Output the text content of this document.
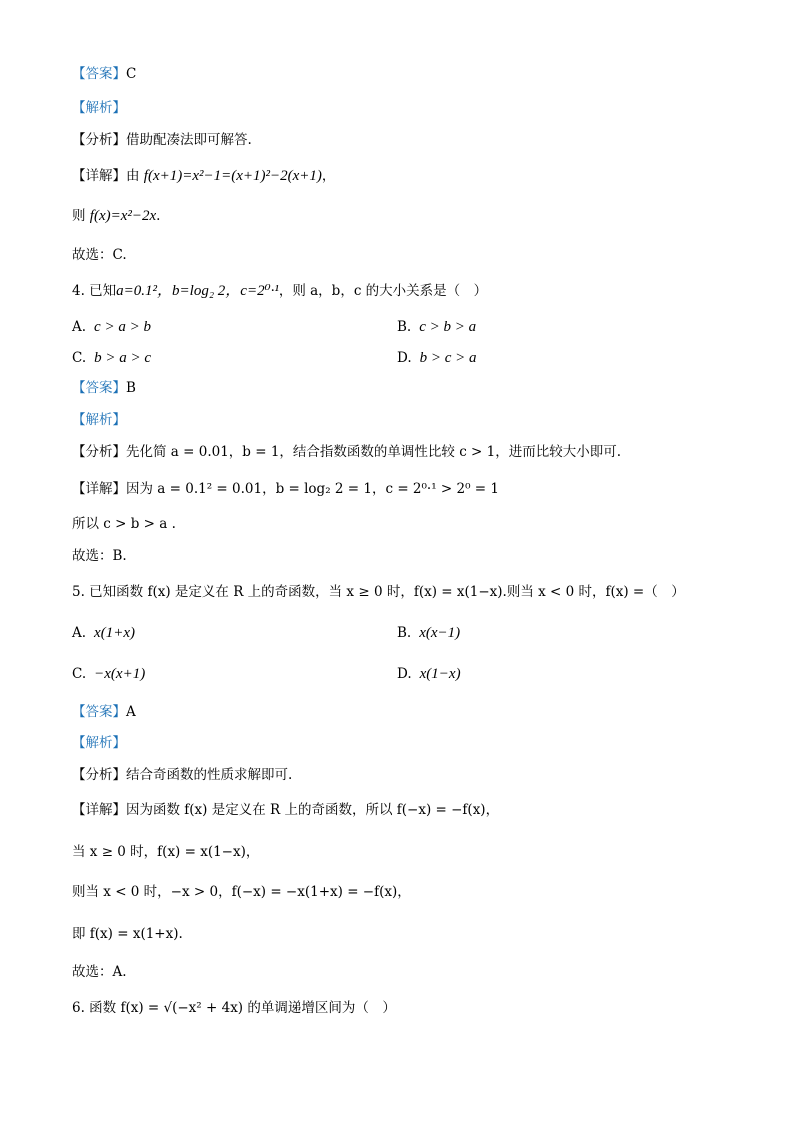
【答案】C
【解析】
【分析】借助配凑法即可解答.
【详解】由 f(x+1)=x²−1=(x+1)²−2(x+1)，
则 f(x)=x²−2x.
故选：C.
4. 已知a=0.1²，b=log₂ 2，c=2⁰·¹，则 a，b，c 的大小关系是（　）
A. c > a > b	B. c > b > a
C. b > a > c	D. b > c > a
【答案】B
【解析】
【分析】先化简 a = 0.01，b = 1，结合指数函数的单调性比较 c > 1，进而比较大小即可.
【详解】因为 a = 0.1² = 0.01，b = log₂ 2 = 1，c = 2⁰·¹ > 2⁰ = 1
所以 c > b > a .
故选：B.
5. 已知函数 f(x) 是定义在 R 上的奇函数，当 x ≥ 0 时，f(x) = x(1−x).则当 x < 0 时，f(x) =（　）
A. x(1+x)	B. x(x−1)
C. −x(x+1)	D. x(1−x)
【答案】A
【解析】
【分析】结合奇函数的性质求解即可.
【详解】因为函数 f(x) 是定义在 R 上的奇函数，所以 f(−x) = −f(x)，
当 x ≥ 0 时，f(x) = x(1−x)，
则当 x < 0 时，−x > 0，f(−x) = −x(1+x) = −f(x)，
即 f(x) = x(1+x).
故选：A.
6. 函数 f(x) = √(−x² + 4x) 的单调递增区间为（　）
